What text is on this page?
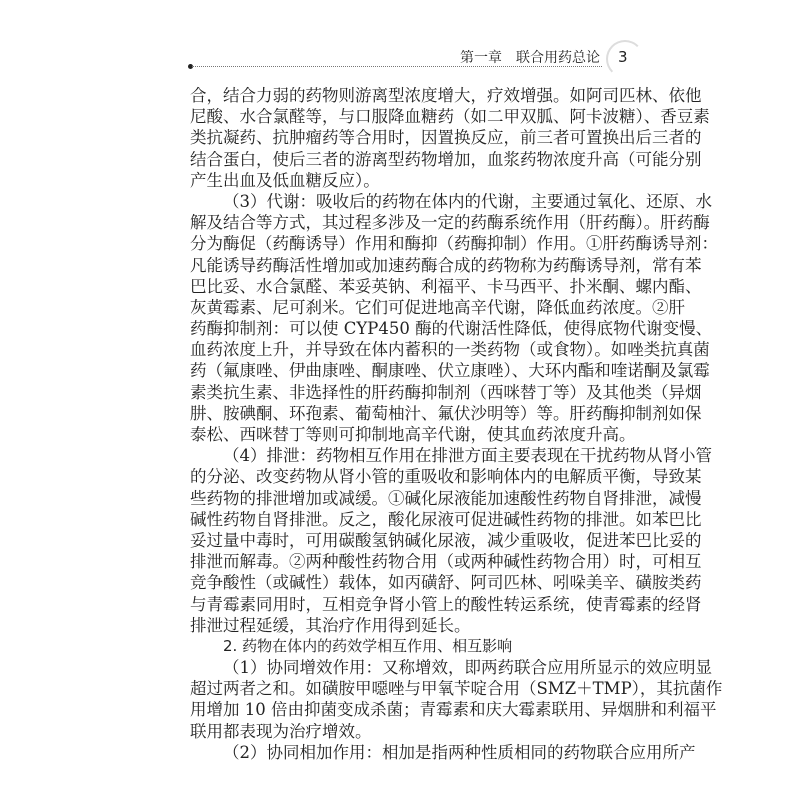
第一章　联合用药总论 3
合，结合力弱的药物则游离型浓度增大，疗效增强。如阿司匹林、依他
尼酸、水合氯醛等，与口服降血糖药（如二甲双胍、阿卡波糖）、香豆素
类抗凝药、抗肿瘤药等合用时，因置换反应，前三者可置换出后三者的
结合蛋白，使后三者的游离型药物增加，血浆药物浓度升高（可能分别
产生出血及低血糖反应）。
（3）代谢：吸收后的药物在体内的代谢，主要通过氧化、还原、水
解及结合等方式，其过程多涉及一定的药酶系统作用（肝药酶）。肝药酶
分为酶促（药酶诱导）作用和酶抑（药酶抑制）作用。①肝药酶诱导剂：
凡能诱导药酶活性增加或加速药酶合成的药物称为药酶诱导剂，常有苯
巴比妥、水合氯醛、苯妥英钠、利福平、卡马西平、扑米酮、螺内酯、
灰黄霉素、尼可刹米。它们可促进地高辛代谢，降低血药浓度。②肝
药酶抑制剂：可以使 CYP450 酶的代谢活性降低，使得底物代谢变慢、
血药浓度上升，并导致在体内蓄积的一类药物（或食物）。如唑类抗真菌
药（氟康唑、伊曲康唑、酮康唑、伏立康唑）、大环内酯和喹诺酮及氯霉
素类抗生素、非选择性的肝药酶抑制剂（西咪替丁等）及其他类（异烟
肼、胺碘酮、环孢素、葡萄柚汁、氟伏沙明等）等。肝药酶抑制剂如保
泰松、西咪替丁等则可抑制地高辛代谢，使其血药浓度升高。
（4）排泄：药物相互作用在排泄方面主要表现在干扰药物从肾小管
的分泌、改变药物从肾小管的重吸收和影响体内的电解质平衡，导致某
些药物的排泄增加或减缓。①碱化尿液能加速酸性药物自肾排泄，减慢
碱性药物自肾排泄。反之，酸化尿液可促进碱性药物的排泄。如苯巴比
妥过量中毒时，可用碳酸氢钠碱化尿液，减少重吸收，促进苯巴比妥的
排泄而解毒。②两种酸性药物合用（或两种碱性药物合用）时，可相互
竞争酸性（或碱性）载体，如丙磺舒、阿司匹林、吲哚美辛、磺胺类药
与青霉素同用时，互相竞争肾小管上的酸性转运系统，使青霉素的经肾
排泄过程延缓，其治疗作用得到延长。
2. 药物在体内的药效学相互作用、相互影响
（1）协同增效作用：又称增效，即两药联合应用所显示的效应明显
超过两者之和。如磺胺甲噁唑与甲氧苄啶合用（SMZ＋TMP），其抗菌作
用增加 10 倍由抑菌变成杀菌；青霉素和庆大霉素联用、异烟肼和利福平
联用都表现为治疗增效。
（2）协同相加作用：相加是指两种性质相同的药物联合应用所产
